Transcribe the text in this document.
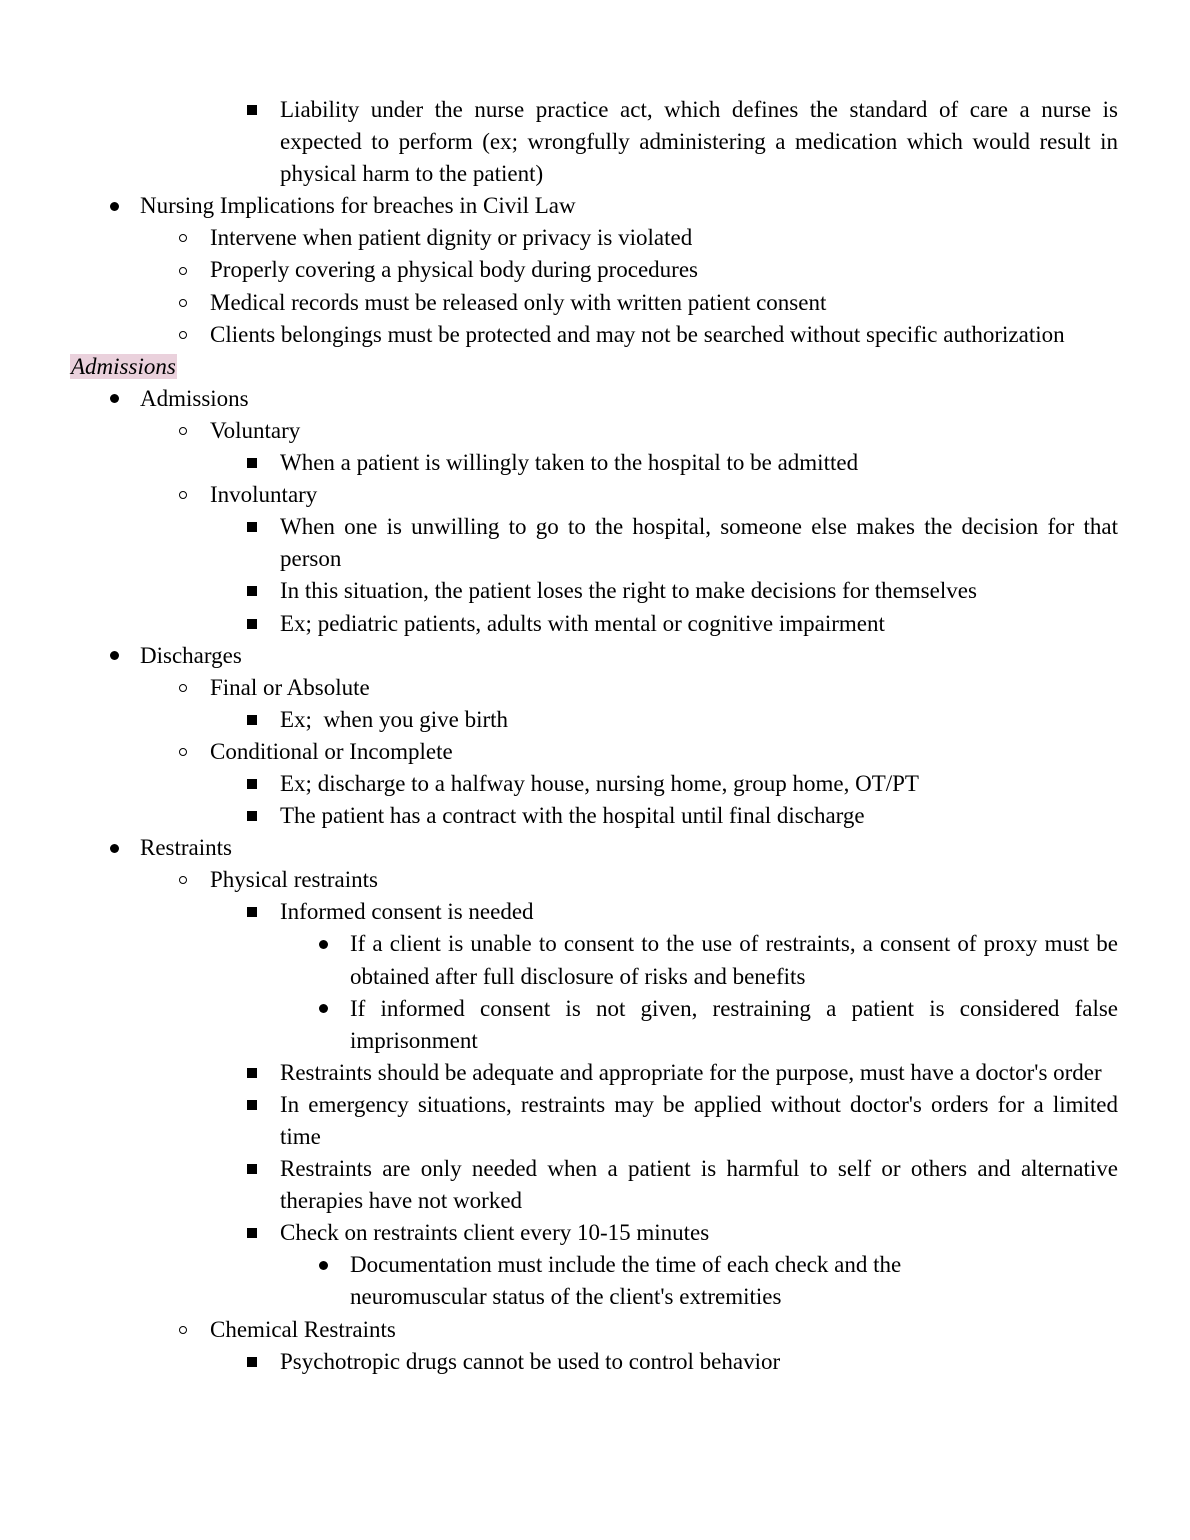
Liability under the nurse practice act, which defines the standard of care a nurse is expected to perform (ex; wrongfully administering a medication which would result in physical harm to the patient)
Nursing Implications for breaches in Civil Law
Intervene when patient dignity or privacy is violated
Properly covering a physical body during procedures
Medical records must be released only with written patient consent
Clients belongings must be protected and may not be searched without specific authorization
Admissions
Admissions
Voluntary
When a patient is willingly taken to the hospital to be admitted
Involuntary
When one is unwilling to go to the hospital, someone else makes the decision for that person
In this situation, the patient loses the right to make decisions for themselves
Ex; pediatric patients, adults with mental or cognitive impairment
Discharges
Final or Absolute
Ex;  when you give birth
Conditional or Incomplete
Ex; discharge to a halfway house, nursing home, group home, OT/PT
The patient has a contract with the hospital until final discharge
Restraints
Physical restraints
Informed consent is needed
If a client is unable to consent to the use of restraints, a consent of proxy must be obtained after full disclosure of risks and benefits
If informed consent is not given, restraining a patient is considered false imprisonment
Restraints should be adequate and appropriate for the purpose, must have a doctor's order
In emergency situations, restraints may be applied without doctor's orders for a limited time
Restraints are only needed when a patient is harmful to self or others and alternative therapies have not worked
Check on restraints client every 10-15 minutes
Documentation must include the time of each check and the neuromuscular status of the client's extremities
Chemical Restraints
Psychotropic drugs cannot be used to control behavior
